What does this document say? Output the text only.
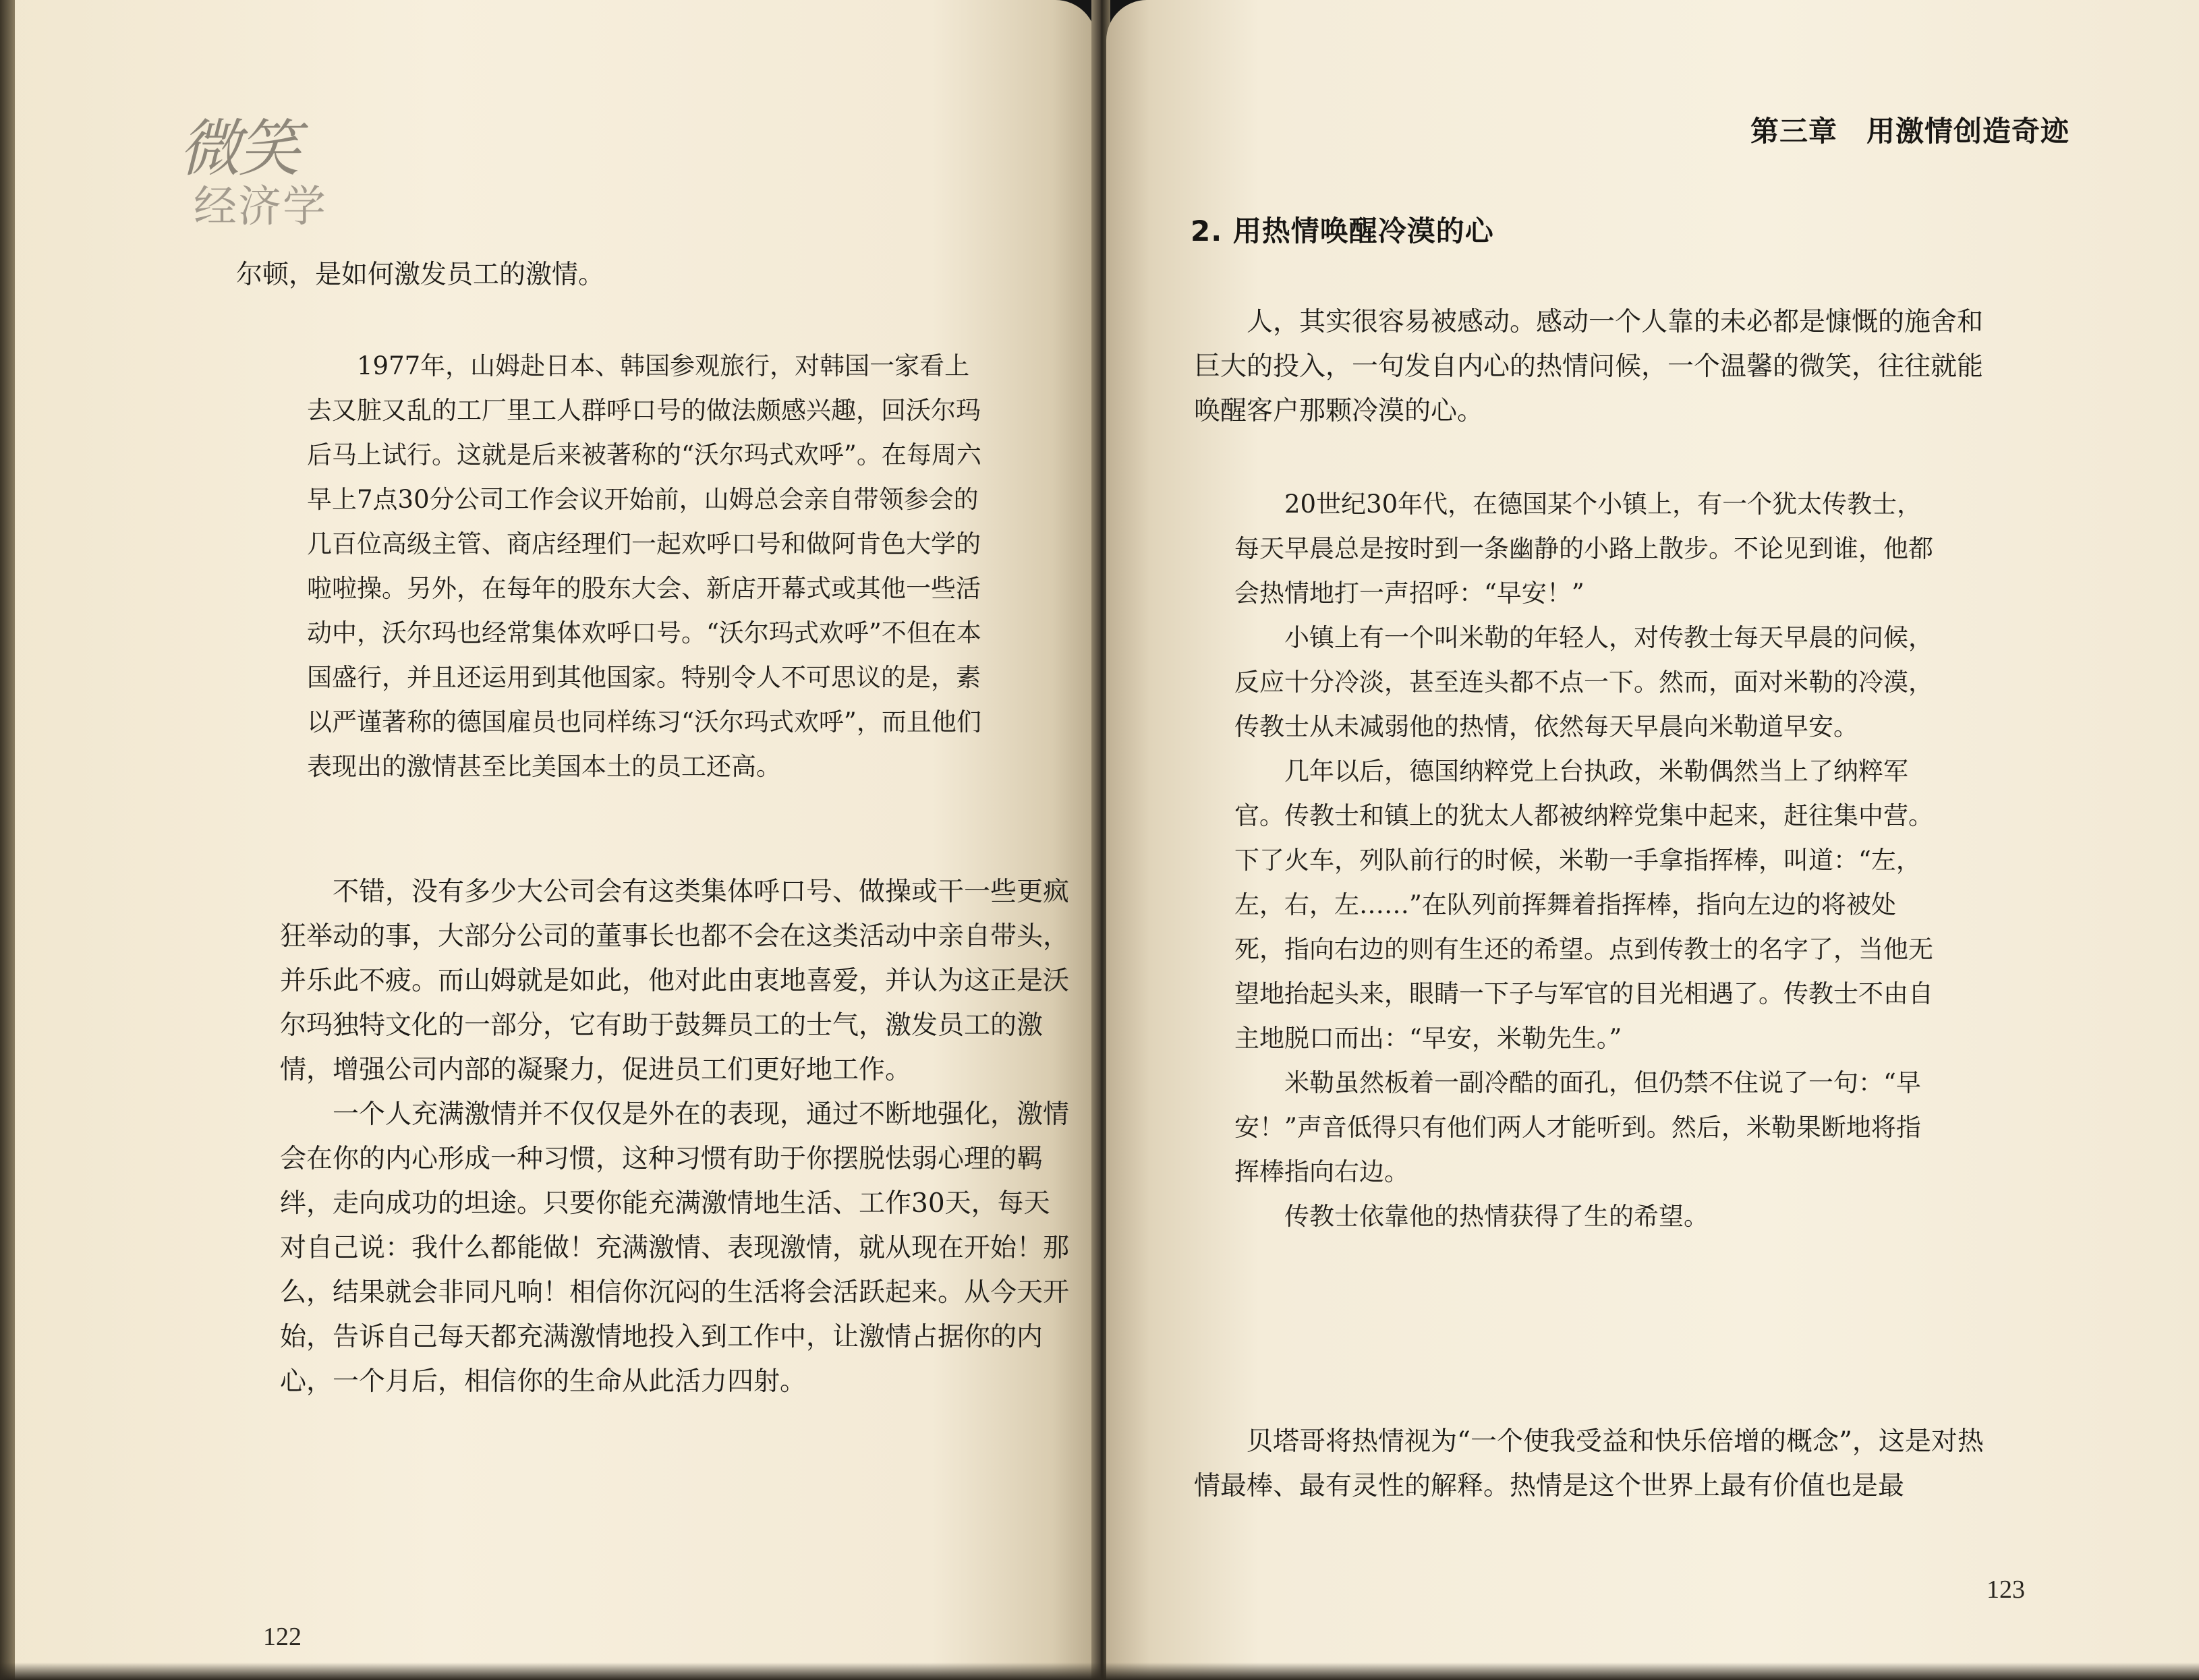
微笑
经济学

尔顿，是如何激发员工的激情。

1977年，山姆赴日本、韩国参观旅行，对韩国一家看上去又脏又乱的工厂里工人群呼口号的做法颇感兴趣，回沃尔玛后马上试行。这就是后来被著称的“沃尔玛式欢呼”。在每周六早上7点30分公司工作会议开始前，山姆总会亲自带领参会的几百位高级主管、商店经理们一起欢呼口号和做阿肯色大学的啦啦操。另外，在每年的股东大会、新店开幕式或其他一些活动中，沃尔玛也经常集体欢呼口号。“沃尔玛式欢呼”不但在本国盛行，并且还运用到其他国家。特别令人不可思议的是，素以严谨著称的德国雇员也同样练习“沃尔玛式欢呼”，而且他们表现出的激情甚至比美国本土的员工还高。

不错，没有多少大公司会有这类集体呼口号、做操或干一些更疯狂举动的事，大部分公司的董事长也都不会在这类活动中亲自带头，并乐此不疲。而山姆就是如此，他对此由衷地喜爱，并认为这正是沃尔玛独特文化的一部分，它有助于鼓舞员工的士气，激发员工的激情，增强公司内部的凝聚力，促进员工们更好地工作。

一个人充满激情并不仅仅是外在的表现，通过不断地强化，激情会在你的内心形成一种习惯，这种习惯有助于你摆脱怯弱心理的羁绊，走向成功的坦途。只要你能充满激情地生活、工作30天，每天对自己说：我什么都能做！充满激情、表现激情，就从现在开始！那么，结果就会非同凡响！相信你沉闷的生活将会活跃起来。从今天开始，告诉自己每天都充满激情地投入到工作中，让激情占据你的内心，一个月后，相信你的生命从此活力四射。

122
第三章　用激情创造奇迹
2. 用热情唤醒冷漠的心

人，其实很容易被感动。感动一个人靠的未必都是慷慨的施舍和巨大的投入，一句发自内心的热情问候，一个温馨的微笑，往往就能唤醒客户那颗冷漠的心。

20世纪30年代，在德国某个小镇上，有一个犹太传教士，每天早晨总是按时到一条幽静的小路上散步。不论见到谁，他都会热情地打一声招呼：“早安！”

小镇上有一个叫米勒的年轻人，对传教士每天早晨的问候，反应十分冷淡，甚至连头都不点一下。然而，面对米勒的冷漠，传教士从未减弱他的热情，依然每天早晨向米勒道早安。

几年以后，德国纳粹党上台执政，米勒偶然当上了纳粹军官。传教士和镇上的犹太人都被纳粹党集中起来，赶往集中营。下了火车，列队前行的时候，米勒一手拿指挥棒，叫道：“左，左，右，左……”在队列前挥舞着指挥棒，指向左边的将被处死，指向右边的则有生还的希望。点到传教士的名字了，当他无望地抬起头来，眼睛一下子与军官的目光相遇了。传教士不由自主地脱口而出：“早安，米勒先生。”

米勒虽然板着一副冷酷的面孔，但仍禁不住说了一句：“早安！”声音低得只有他们两人才能听到。然后，米勒果断地将指挥棒指向右边。

传教士依靠他的热情获得了生的希望。

贝塔哥将热情视为“一个使我受益和快乐倍增的概念”，这是对热情最棒、最有灵性的解释。热情是这个世界上最有价值也是最

123
